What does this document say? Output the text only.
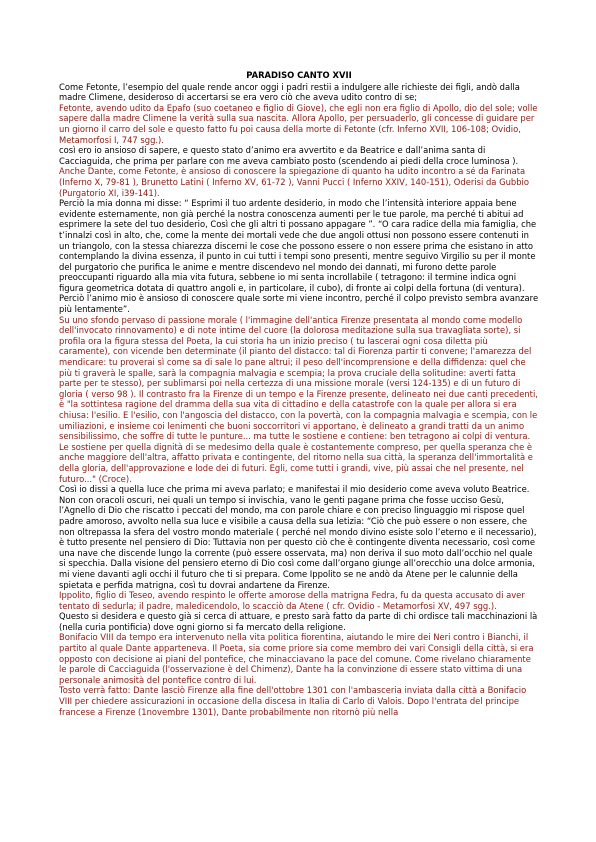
PARADISO CANTO XVII

Come Fetonte, l’esempio del quale rende ancor oggi i padri restii a indulgere alle richieste dei figli, andò dalla madre Climene, desideroso di accertarsi se era vero ciò che aveva udito contro di se;

Fetonte, avendo udito da Epafo (suo coetaneo e figlio di Giove), che egli non era figlio di Apollo, dio del sole; volle sapere dalla madre Climene la verità sulla sua nascita. Allora Apollo, per persuaderlo, gli concesse di guidare per un giorno il carro del sole e questo fatto fu poi causa della morte di Fetonte (cfr. Inferno XVII, 106-108; Ovidio, Metamorfosi I, 747 sgg.).

così ero io ansioso di sapere, e questo stato d’animo era avvertito e da Beatrice e dall’anima santa di Cacciaguida, che prima per parlare con me aveva cambiato posto (scendendo ai piedi della croce luminosa ).

Anche Dante, come Fetonte, è ansioso di conoscere la spiegazione di quanto ha udito incontro a sé da Farinata (Inferno X, 79-81 ), Brunetto Latini ( Inferno XV, 61-72 ), Vanni Pucci ( Inferno XXIV, 140-151), Oderisi da Gubbio (Purgatorio XI, i39-141).

Perciò la mia donna mi disse: “ Esprimi il tuo ardente desiderio, in modo che l’intensità interiore appaia bene evidente esternamente, non già perché la nostra conoscenza aumenti per le tue parole, ma perché ti abitui ad esprimere la sete del tuo desiderio, Così che gli altri ti possano appagare ”. “O cara radice della mia famiglia, che t’innalzi così in alto, che, come la mente dei mortali vede che due angoli ottusi non possono essere contenuti in un triangolo, con la stessa chiarezza discerni le cose che possono essere o non essere prima che esistano in atto contemplando la divina essenza, il punto in cui tutti i tempi sono presenti, mentre seguivo Virgilio su per il monte del purgatorio che purifica le anime e mentre discendevo nel mondo dei dannati, mi furono dette parole preoccupanti riguardo alla mia vita futura, sebbene io mi senta incrollabile ( tetragono: il termine indica ogni figura geometrica dotata di quattro angoli e, in particolare, il cubo), di fronte ai colpi della fortuna (di ventura). Perciò l’animo mio è ansioso di conoscere quale sorte mi viene incontro, perché il colpo previsto sembra avanzare più lentamente”.

Su uno sfondo pervaso di passione morale ( l'immagine dell'antica Firenze presentata al mondo come modello dell'invocato rinnovamento) e di note intime del cuore (la dolorosa meditazione sulla sua travagliata sorte), si profila ora la figura stessa del Poeta, la cui storia ha un inizio preciso ( tu lascerai ogni cosa diletta più caramente), con vicende ben determinate (il pianto del distacco: tal di Fiorenza partir ti convene; l'amarezza del mendicare: tu proverai sì come sa di sale lo pane altrui; il peso dell'incomprensione e della diffidenza: quel che più ti graverà le spalle, sarà la compagnia malvagia e scempia; la prova cruciale della solitudine: averti fatta parte per te stesso), per sublimarsi poi nella certezza di una missione morale (versi 124-135) e di un futuro di gloria ( verso 98 ). Il contrasto fra la Firenze di un tempo e la Firenze presente, delineato nei due canti precedenti, è "la sottintesa ragione del dramma della sua vita di cittadino e della catastrofe con la quale per allora si era chiusa: l'esilio. E l'esilio, con l'angoscia del distacco, con la povertà, con la compagnia malvagia e scempia, con le umiliazioni, e insieme coi lenimenti che buoni soccorritori vi apportano, è delineato a grandi tratti da un animo sensibilissimo, che soffre di tutte le punture... ma tutte le sostiene e contiene: ben tetragono ai colpi di ventura. Le sostiene per quella dignità di se medesimo della quale è costantemente compreso, per quella speranza che è anche maggiore dell'altra, affatto privata e contingente, del ritorno nella sua città, la speranza dell'immortalità e della gloria, dell'approvazione e lode dei di futuri. Egli, come tutti i grandi, vive, più assai che nel presente, nel futuro..." (Croce).

Così io dissi a quella luce che prima mi aveva parlato; e manifestai il mio desiderio come aveva voluto Beatrice. Non con oracoli oscuri, nei quali un tempo si invischia, vano le genti pagane prima che fosse ucciso Gesù, l’Agnello di Dio che riscatto i peccati del mondo, ma con parole chiare e con preciso linguaggio mi rispose quel padre amoroso, avvolto nella sua luce e visibile a causa della sua letizia: “Ciò che può essere o non essere, che non oltrepassa la sfera del vostro mondo materiale ( perché nel mondo divino esiste solo l’eterno e il necessario), è tutto presente nel pensiero di Dio: Tuttavia non per questo ciò che è contingente diventa necessario, così come una nave che discende lungo la corrente (può essere osservata, ma) non deriva il suo moto dall’occhio nel quale si specchia. Dalla visione del pensiero eterno di Dio così come dall’organo giunge all’orecchio una dolce armonia, mi viene davanti agli occhi il futuro che ti si prepara. Come Ippolito se ne andò da Atene per le calunnie della spietata e perfida matrigna, così tu dovrai andartene da Firenze.

Ippolito, figlio di Teseo, avendo respinto le offerte amorose della matrigna Fedra, fu da questa accusato di aver tentato di sedurla; il padre, maledicendolo, lo scacciò da Atene ( cfr. Ovidio - Metamorfosi XV, 497 sgg.).

Questo si desidera e questo già si cerca di attuare, e presto sarà fatto da parte di chi ordisce tali macchinazioni là (nella curia pontificia) dove ogni giorno si fa mercato della religione.

Bonifacio VIII da tempo era intervenuto nella vita politica fiorentina, aiutando le mire dei Neri contro i Bianchi, il partito al quale Dante apparteneva. Il Poeta, sia come priore sia come membro dei vari Consigli della città, si era opposto con decisione ai piani del pontefice, che minacciavano la pace del comune. Come rivelano chiaramente le parole di Cacciaguida (l'osservazione è del Chimenz), Dante ha la convinzione di essere stato vittima di una personale animosità del pontefice contro di lui.

Tosto verrà fatto: Dante lasciò Firenze alla fine dell'ottobre 1301 con l'ambasceria inviata dalla città a Bonifacio VIII per chiedere assicurazioni in occasione della discesa in Italia di Carlo di Valois. Dopo l'entrata del principe francese a Firenze (1novembre 1301), Dante probabilmente non ritornò più nella
